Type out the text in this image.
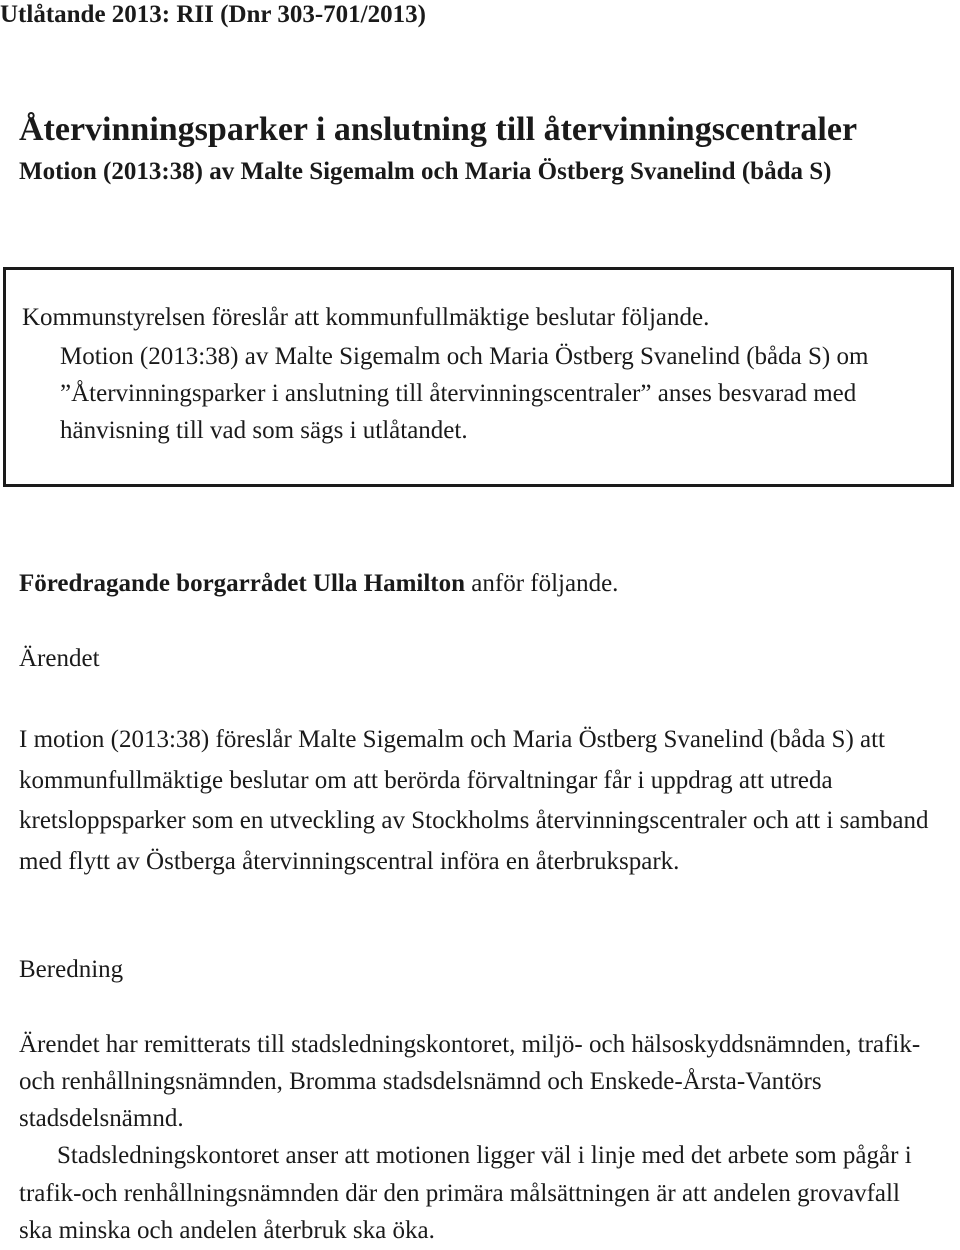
Utlåtande 2013: RII (Dnr 303-701/2013)
Återvinningsparker i anslutning till återvinningscentraler

Motion (2013:38) av Malte Sigemalm och Maria Östberg Svanelind (båda S)

Kommunstyrelsen föreslår att kommunfullmäktige beslutar följande.

Motion (2013:38) av Malte Sigemalm och Maria Östberg Svanelind (båda S) om ”Återvinningsparker i anslutning till återvinningscentraler” anses besvarad med hänvisning till vad som sägs i utlåtandet.

Föredragande borgarrådet Ulla Hamilton anför följande.

Ärendet

I motion (2013:38) föreslår Malte Sigemalm och Maria Östberg Svanelind (båda S) att kommunfullmäktige beslutar om att berörda förvaltningar får i uppdrag att utreda kretsloppsparker som en utveckling av Stockholms återvinningscentraler och att i samband med flytt av Östberga återvinningscentral införa en återbrukspark.

Beredning

Ärendet har remitterats till stadsledningskontoret, miljö- och hälsoskyddsnämnden, trafik- och renhållningsnämnden, Bromma stadsdelsnämnd och Enskede-Årsta-Vantörs stadsdelsnämnd.

Stadsledningskontoret anser att motionen ligger väl i linje med det arbete som pågår i trafik-och renhållningsnämnden där den primära målsättningen är att andelen grovavfall ska minska och andelen återbruk ska öka.
